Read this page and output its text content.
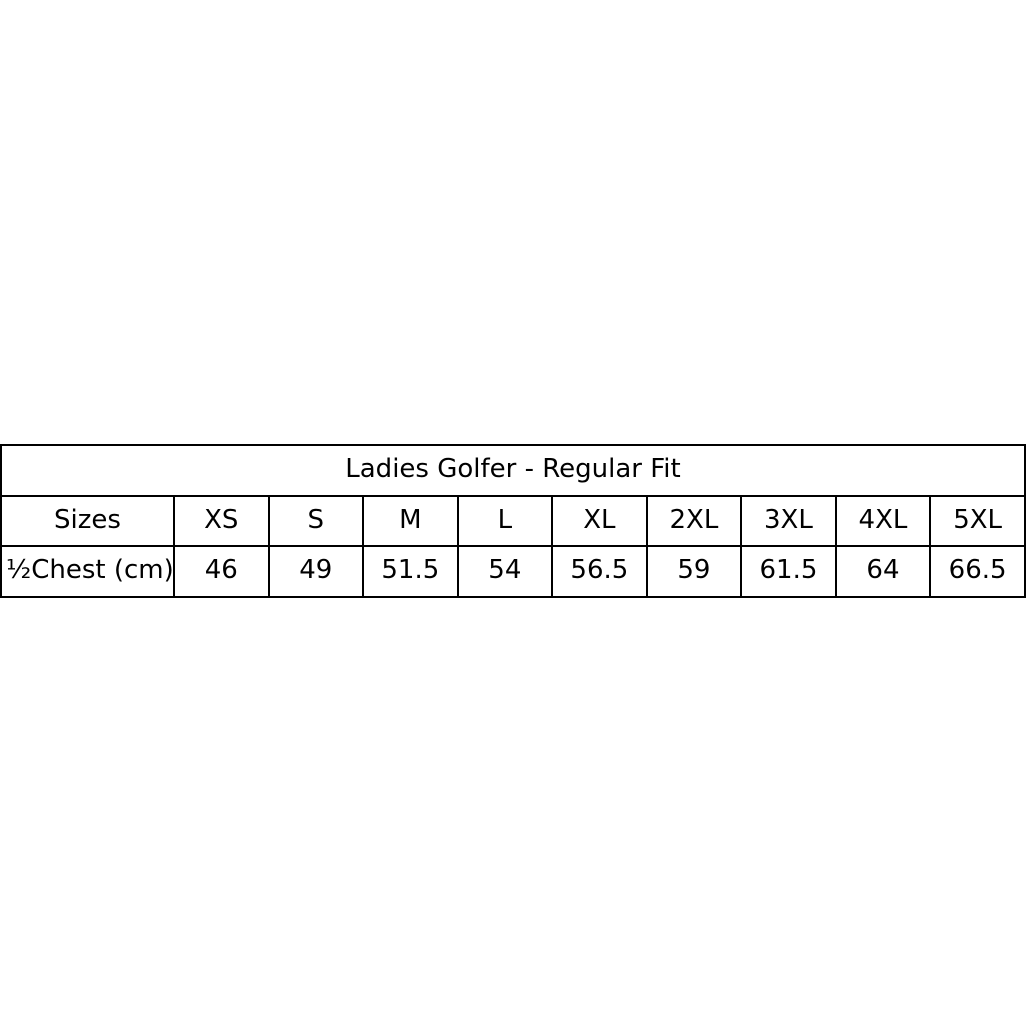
Ladies Golfer - Regular Fit									
Sizes	XS	S	M	L	XL	2XL	3XL	4XL	5XL
½Chest (cm)	46	49	51.5	54	56.5	59	61.5	64	66.5
